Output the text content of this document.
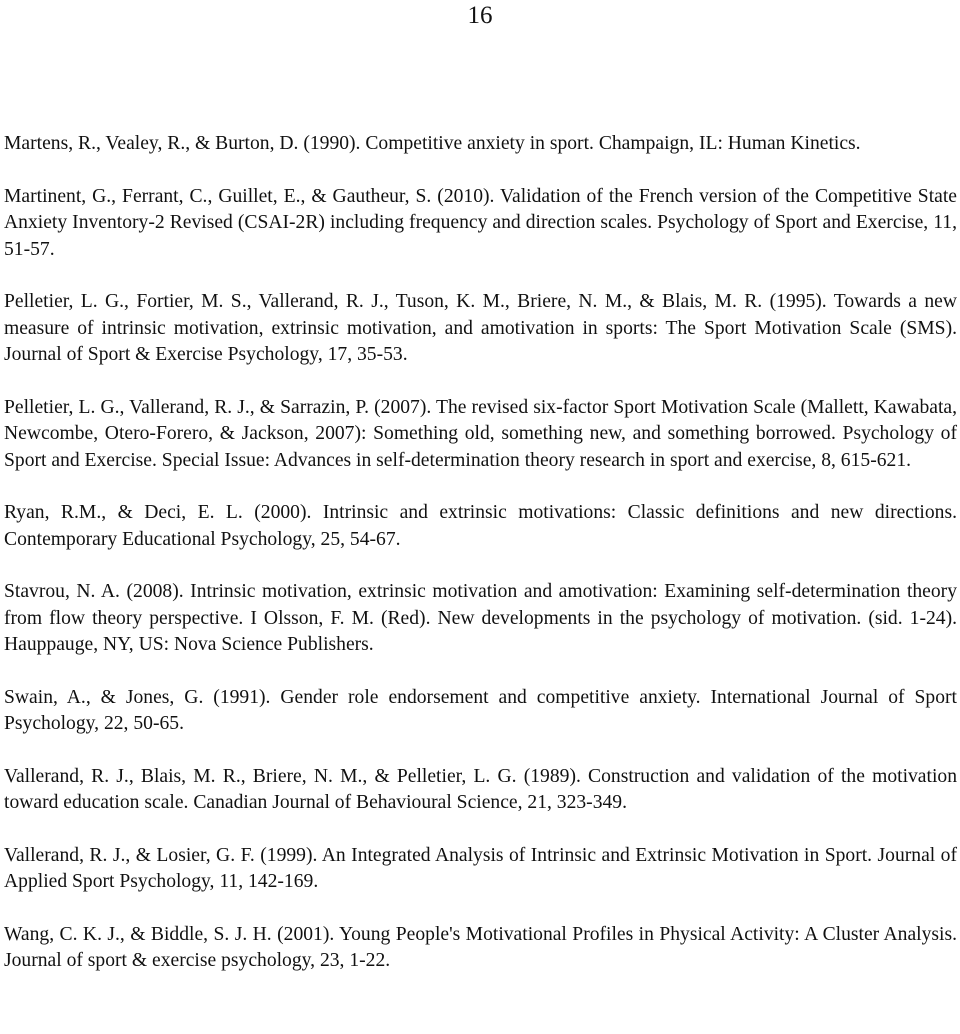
16

Martens, R., Vealey, R., & Burton, D. (1990). Competitive anxiety in sport. Champaign, IL: Human Kinetics.

Martinent, G., Ferrant, C., Guillet, E., & Gautheur, S. (2010). Validation of the French version of the Competitive State Anxiety Inventory-2 Revised (CSAI-2R) including frequency and direction scales. Psychology of Sport and Exercise, 11, 51-57.

Pelletier, L. G., Fortier, M. S., Vallerand, R. J., Tuson, K. M., Briere, N. M., & Blais, M. R. (1995). Towards a new measure of intrinsic motivation, extrinsic motivation, and amotivation in sports: The Sport Motivation Scale (SMS). Journal of Sport & Exercise Psychology, 17, 35-53.

Pelletier, L. G., Vallerand, R. J., & Sarrazin, P. (2007). The revised six-factor Sport Motivation Scale (Mallett, Kawabata, Newcombe, Otero-Forero, & Jackson, 2007): Something old, something new, and something borrowed. Psychology of Sport and Exercise. Special Issue: Advances in self-determination theory research in sport and exercise, 8, 615-621.

Ryan, R.M., & Deci, E. L. (2000). Intrinsic and extrinsic motivations: Classic definitions and new directions. Contemporary Educational Psychology, 25, 54-67.

Stavrou, N. A. (2008). Intrinsic motivation, extrinsic motivation and amotivation: Examining self-determination theory from flow theory perspective. I Olsson, F. M. (Red). New developments in the psychology of motivation. (sid. 1-24). Hauppauge, NY, US: Nova Science Publishers.

Swain, A., & Jones, G. (1991). Gender role endorsement and competitive anxiety. International Journal of Sport Psychology, 22, 50-65.

Vallerand, R. J., Blais, M. R., Briere, N. M., & Pelletier, L. G. (1989). Construction and validation of the motivation toward education scale. Canadian Journal of Behavioural Science, 21, 323-349.

Vallerand, R. J., & Losier, G. F. (1999). An Integrated Analysis of Intrinsic and Extrinsic Motivation in Sport. Journal of Applied Sport Psychology, 11, 142-169.

Wang, C. K. J., & Biddle, S. J. H. (2001). Young People's Motivational Profiles in Physical Activity: A Cluster Analysis. Journal of sport & exercise psychology, 23, 1-22.
